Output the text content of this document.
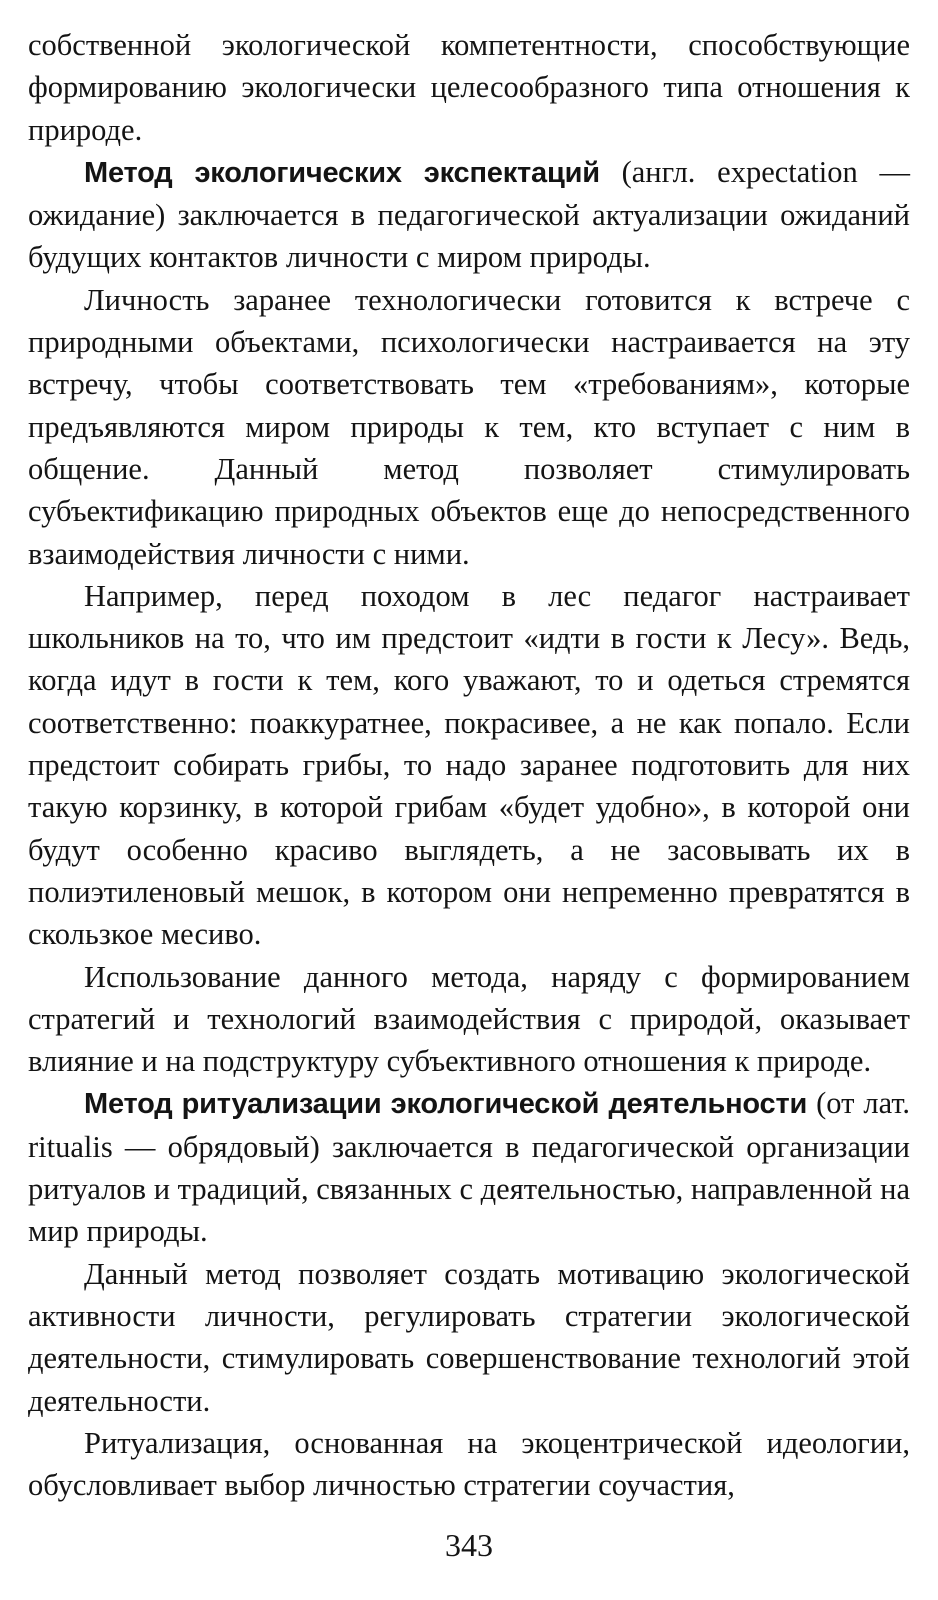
собственной экологической компетентности, способствующие формированию экологически целесообразного типа отношения к природе.

Метод экологических экспектаций (англ. expectation — ожидание) заключается в педагогической актуализации ожиданий будущих контактов личности с миром природы.

Личность заранее технологически готовится к встрече с природными объектами, психологически настраивается на эту встречу, чтобы соответствовать тем «требованиям», которые предъявляются миром природы к тем, кто вступает с ним в общение. Данный метод позволяет стимулировать субъектификацию природных объектов еще до непосредственного взаимодействия личности с ними.

Например, перед походом в лес педагог настраивает школьников на то, что им предстоит «идти в гости к Лесу». Ведь, когда идут в гости к тем, кого уважают, то и одеться стремятся соответственно: поаккуратнее, покрасивее, а не как попало. Если предстоит собирать грибы, то надо заранее подготовить для них такую корзинку, в которой грибам «будет удобно», в которой они будут особенно красиво выглядеть, а не засовывать их в полиэтиленовый мешок, в котором они непременно превратятся в скользкое месиво.

Использование данного метода, наряду с формированием стратегий и технологий взаимодействия с природой, оказывает влияние и на подструктуру субъективного отношения к природе.

Метод ритуализации экологической деятельности (от лат. ritualis — обрядовый) заключается в педагогической организации ритуалов и традиций, связанных с деятельностью, направленной на мир природы.

Данный метод позволяет создать мотивацию экологической активности личности, регулировать стратегии экологической деятельности, стимулировать совершенствование технологий этой деятельности.

Ритуализация, основанная на экоцентрической идеологии, обусловливает выбор личностью стратегии соучастия,

343
